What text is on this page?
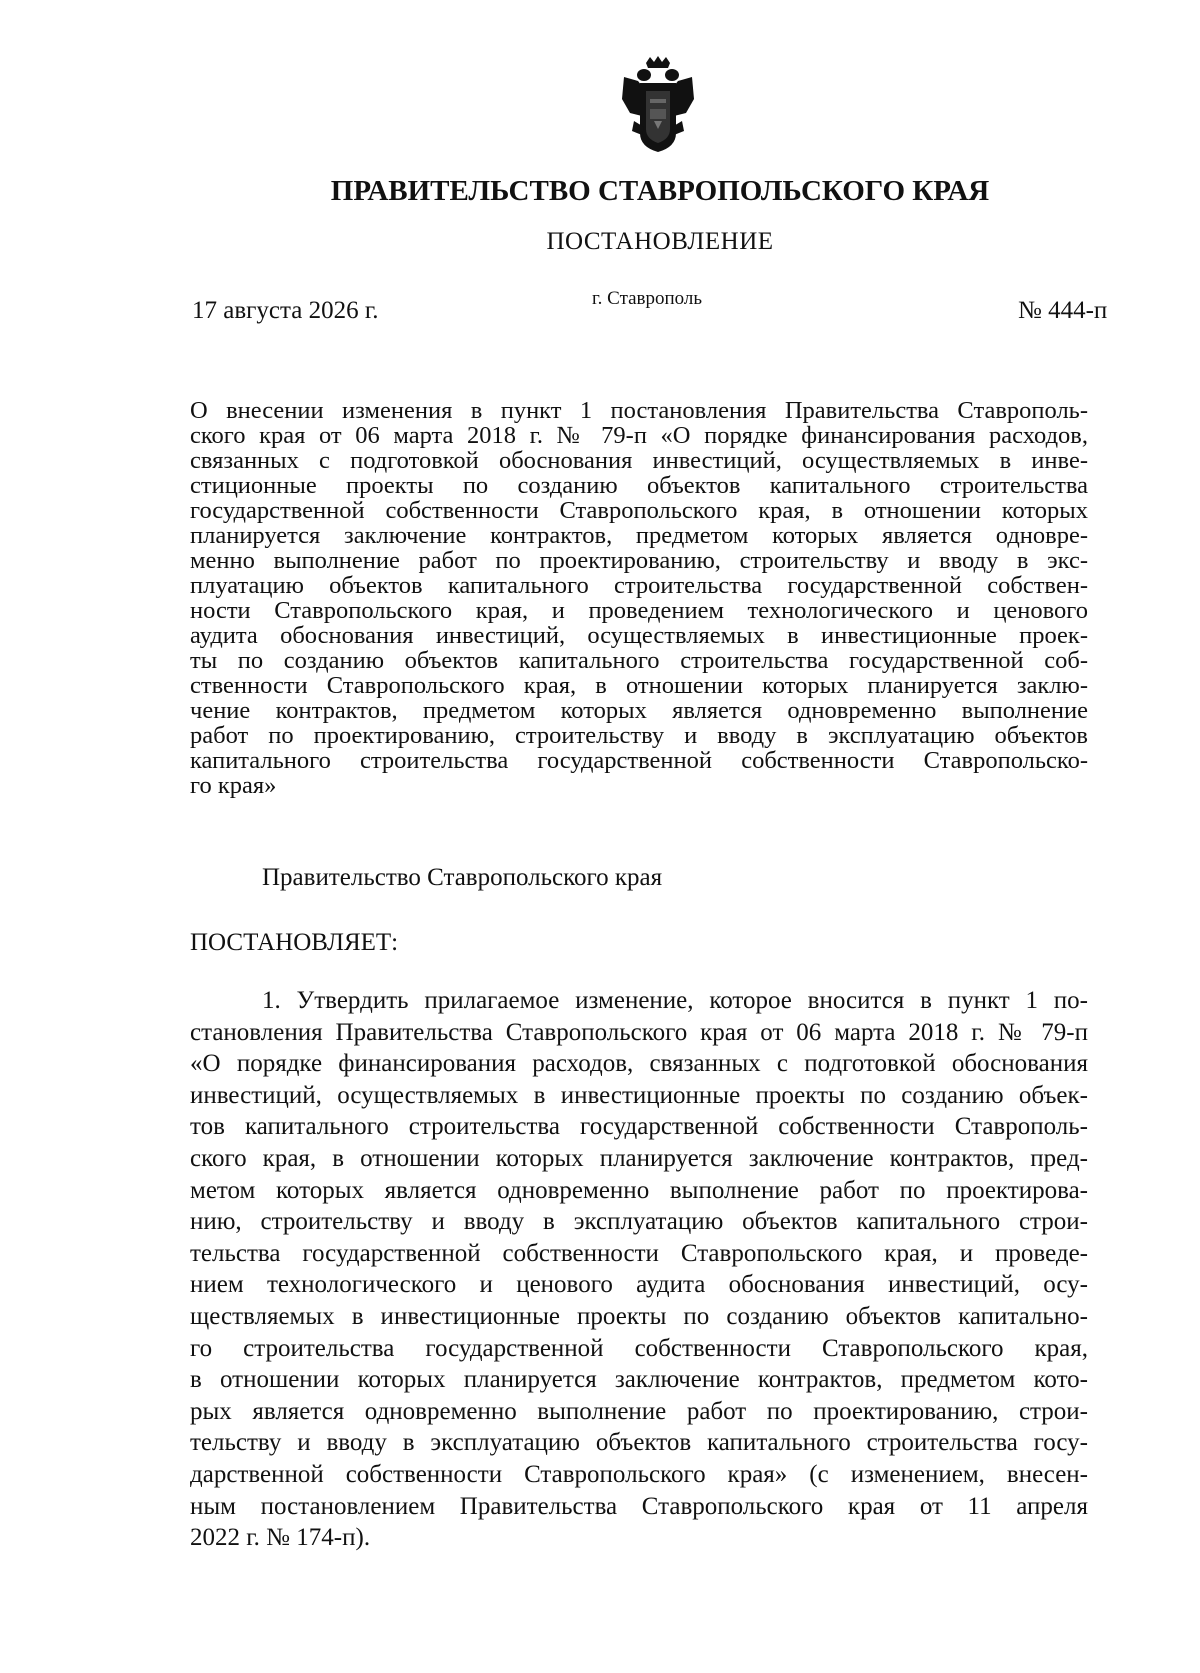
ПРАВИТЕЛЬСТВО СТАВРОПОЛЬСКОГО КРАЯ
ПОСТАНОВЛЕНИЕ
17 августа 2026 г.	г. Ставрополь	№ 444-п
О внесении изменения в пункт 1 постановления Правительства Ставрополь-
ского края от 06 марта 2018 г. № 79-п «О порядке финансирования расходов,
связанных с подготовкой обоснования инвестиций, осуществляемых в инве-
стиционные проекты по созданию объектов капитального строительства
государственной собственности Ставропольского края, в отношении которых
планируется заключение контрактов, предметом которых является одновре-
менно выполнение работ по проектированию, строительству и вводу в экс-
плуатацию объектов капитального строительства государственной собствен-
ности Ставропольского края, и проведением технологического и ценового
аудита обоснования инвестиций, осуществляемых в инвестиционные проек-
ты по созданию объектов капитального строительства государственной соб-
ственности Ставропольского края, в отношении которых планируется заклю-
чение контрактов, предметом которых является одновременно выполнение
работ по проектированию, строительству и вводу в эксплуатацию объектов
капитального строительства государственной собственности Ставропольско-
го края»
Правительство Ставропольского края
ПОСТАНОВЛЯЕТ:
1. Утвердить прилагаемое изменение, которое вносится в пункт 1 по-
становления Правительства Ставропольского края от 06 марта 2018 г. № 79-п
«О порядке финансирования расходов, связанных с подготовкой обоснования
инвестиций, осуществляемых в инвестиционные проекты по созданию объек-
тов капитального строительства государственной собственности Ставрополь-
ского края, в отношении которых планируется заключение контрактов, пред-
метом которых является одновременно выполнение работ по проектирова-
нию, строительству и вводу в эксплуатацию объектов капитального строи-
тельства государственной собственности Ставропольского края, и проведе-
нием технологического и ценового аудита обоснования инвестиций, осу-
ществляемых в инвестиционные проекты по созданию объектов капитально-
го строительства государственной собственности Ставропольского края,
в отношении которых планируется заключение контрактов, предметом кото-
рых является одновременно выполнение работ по проектированию, строи-
тельству и вводу в эксплуатацию объектов капитального строительства госу-
дарственной собственности Ставропольского края» (с изменением, внесен-
ным постановлением Правительства Ставропольского края от 11 апреля
2022 г. № 174-п).
